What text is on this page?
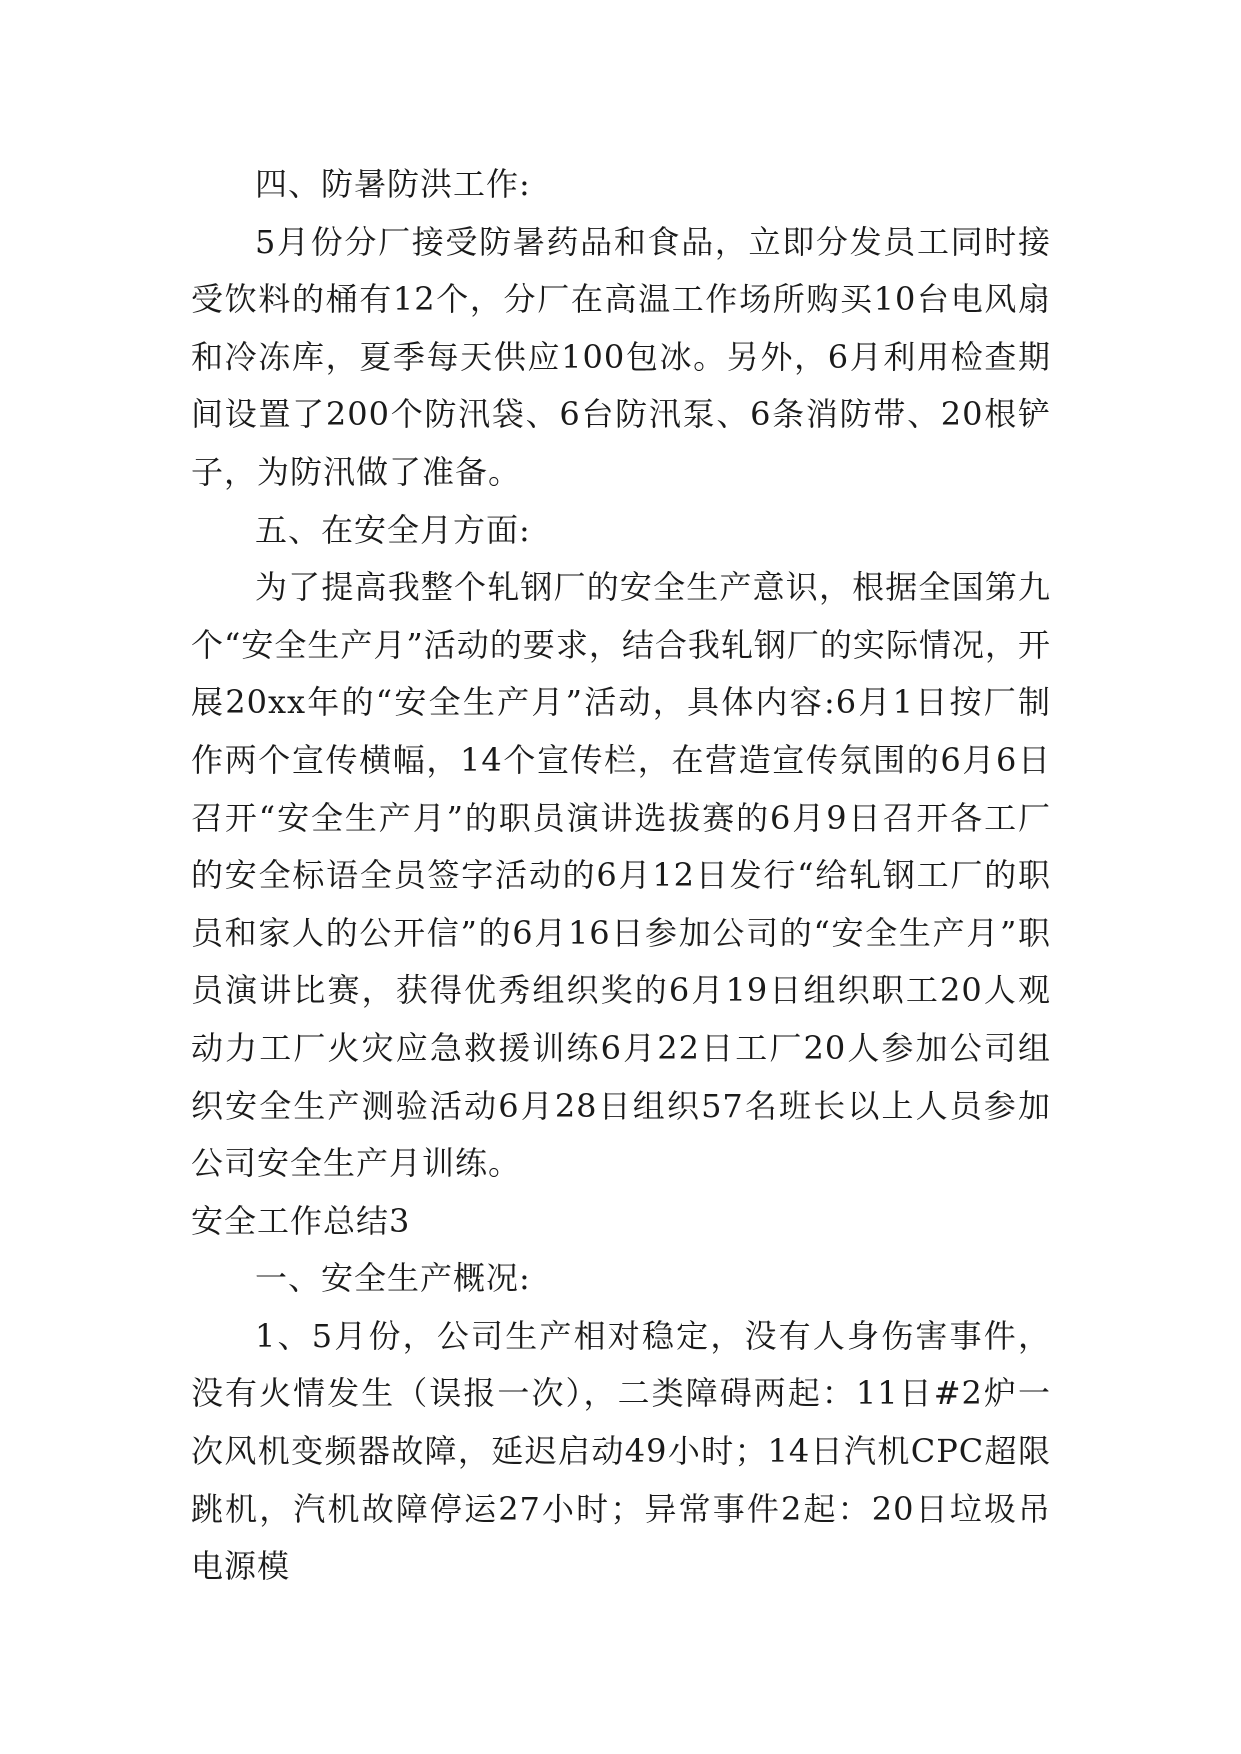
四、防暑防洪工作:

5月份分厂接受防暑药品和食品，立即分发员工同时接受饮料的桶有12个，分厂在高温工作场所购买10台电风扇和冷冻库，夏季每天供应100包冰。另外，6月利用检查期间设置了200个防汛袋、6台防汛泵、6条消防带、20根铲子，为防汛做了准备。

五、在安全月方面:

为了提高我整个轧钢厂的安全生产意识，根据全国第九个“安全生产月”活动的要求，结合我轧钢厂的实际情况，开展20xx年的“安全生产月”活动，具体内容:6月1日按厂制作两个宣传横幅，14个宣传栏，在营造宣传氛围的6月6日召开“安全生产月”的职员演讲选拔赛的6月9日召开各工厂的安全标语全员签字活动的6月12日发行“给轧钢工厂的职员和家人的公开信”的6月16日参加公司的“安全生产月”职员演讲比赛，获得优秀组织奖的6月19日组织职工20人观动力工厂火灾应急救援训练6月22日工厂20人参加公司组织安全生产测验活动6月28日组织57名班长以上人员参加公司安全生产月训练。

安全工作总结3

一、安全生产概况:

1、5月份，公司生产相对稳定，没有人身伤害事件，没有火情发生（误报一次），二类障碍两起：11日#2炉一次风机变频器故障，延迟启动49小时；14日汽机CPC超限跳机，汽机故障停运27小时；异常事件2起：20日垃圾吊电源模
